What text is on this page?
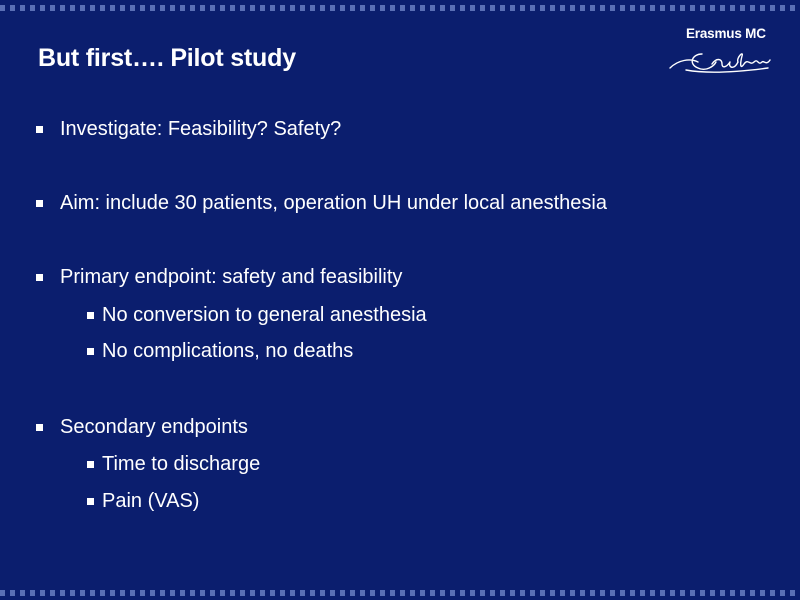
But first…. Pilot study
Erasmus MC
Investigate: Feasibility? Safety?
Aim: include 30 patients, operation UH under local anesthesia
Primary endpoint: safety and feasibility
No conversion to general anesthesia
No complications, no deaths
Secondary endpoints
Time to discharge
Pain (VAS)
